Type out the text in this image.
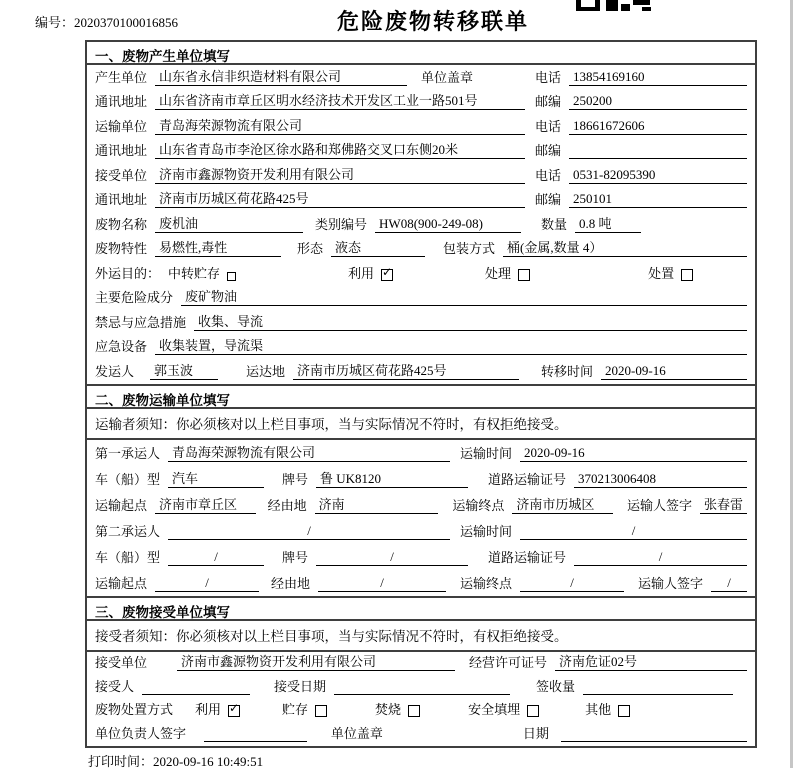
编号：2020370100016856	危险废物转移联单
一、废物产生单位填写
产生单位 山东省永信非织造材料有限公司	单位盖章	电话 13854169160
通讯地址 山东省济南市章丘区明水经济技术开发区工业一路501号	邮编 250200
运输单位 青岛海荣源物流有限公司	电话 18661672606
通讯地址 山东省青岛市李沧区徐水路和郑佛路交叉口东侧20米	邮编
接受单位 济南市鑫源物资开发利用有限公司	电话 0531-82095390
通讯地址 济南市历城区荷花路425号	邮编 250101
废物名称 废机油	类别编号 HW08(900-249-08)	数量 0.8 吨
废物特性 易燃性,毒性	形态 液态	包装方式 桶(金属,数量 4）
外运目的： 中转贮存	利用 ✓	处理	处置
主要危险成分 废矿物油
禁忌与应急措施 收集、导流
应急设备 收集装置，导流渠
发运人	郭玉波	运达地 济南市历城区荷花路425号	转移时间 2020-09-16
二、废物运输单位填写
运输者须知：你必须核对以上栏目事项，当与实际情况不符时，有权拒绝接受。
第一承运人 青岛海荣源物流有限公司	运输时间 2020-09-16
车（船）型 汽车	牌号 鲁 UK8120	道路运输证号 370213006408
运输起点 济南市章丘区	经由地 济南	运输终点 济南市历城区	运输人签字 张春雷
第二承运人	/	运输时间	/
车（船）型	/	牌号	/	道路运输证号	/
运输起点	/	经由地	/	运输终点	/	运输人签字	/
三、废物接受单位填写
接受者须知：你必须核对以上栏目事项，当与实际情况不符时，有权拒绝接受。
接受单位	济南市鑫源物资开发利用有限公司	经营许可证号 济南危证02号
接受人	接受日期	签收量
废物处置方式 利用 ✓	贮存	焚烧	安全填埋	其他
单位负责人签字	单位盖章	日期
打印时间：2020-09-16 10:49:51
